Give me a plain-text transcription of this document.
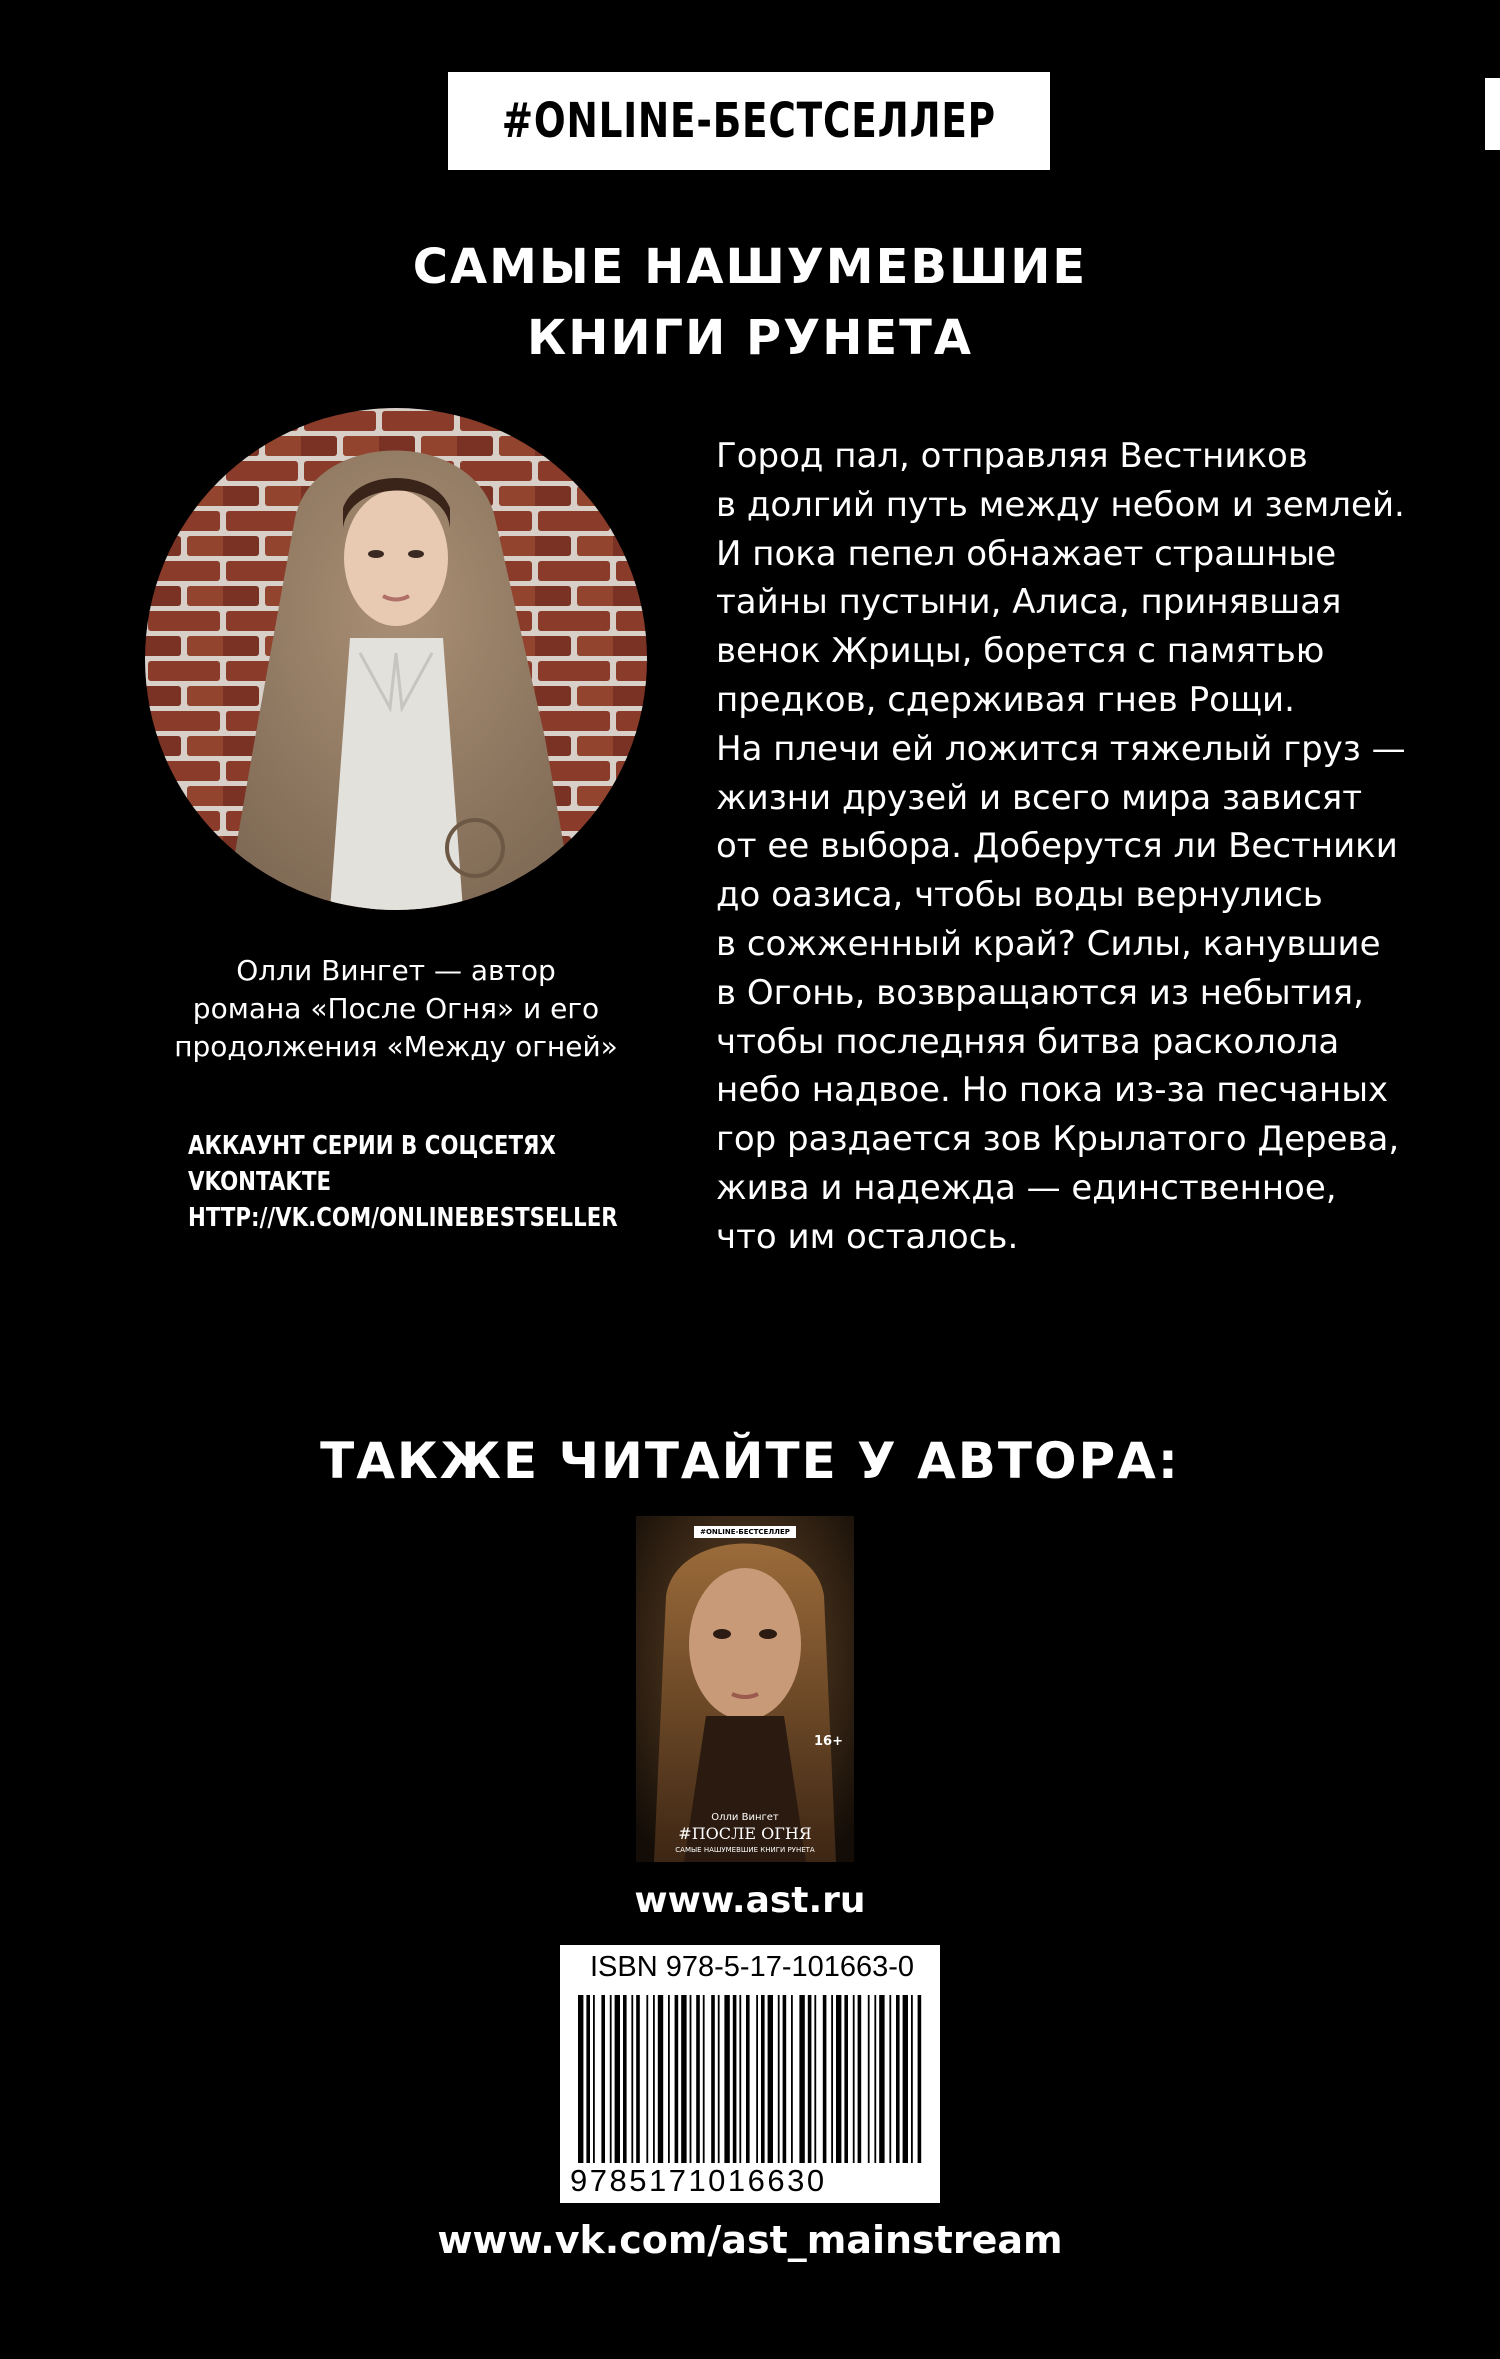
#ONLINE-БЕСТСЕЛЛЕР
САМЫЕ НАШУМЕВШИЕ
КНИГИ РУНЕТА
Олли Вингет — автор
романа «После Огня» и его
продолжения «Между огней»
АККАУНТ СЕРИИ В СОЦСЕТЯХ
VKONTAKTE
HTTP://VK.COM/ONLINEBESTSELLER
Город пал, отправляя Вестников
в долгий путь между небом и землей.
И пока пепел обнажает страшные
тайны пустыни, Алиса, принявшая
венок Жрицы, борется с памятью
предков, сдерживая гнев Рощи.
На плечи ей ложится тяжелый груз —
жизни друзей и всего мира зависят
от ее выбора. Доберутся ли Вестники
до оазиса, чтобы воды вернулись
в сожженный край? Силы, канувшие
в Огонь, возвращаются из небытия,
чтобы последняя битва расколола
небо надвое. Но пока из-за песчаных
гор раздается зов Крылатого Дерева,
жива и надежда — единственное,
что им осталось.
ТАКЖЕ ЧИТАЙТЕ У АВТОРА:
#ONLINE-БЕСТСЕЛЛЕР
16+
Олли Вингет
#ПОСЛЕ ОГНЯ
САМЫЕ НАШУМЕВШИЕ КНИГИ РУНЕТА
www.ast.ru
ISBN 978-5-17-101663-0
9785171016630
www.vk.com/ast_mainstream
